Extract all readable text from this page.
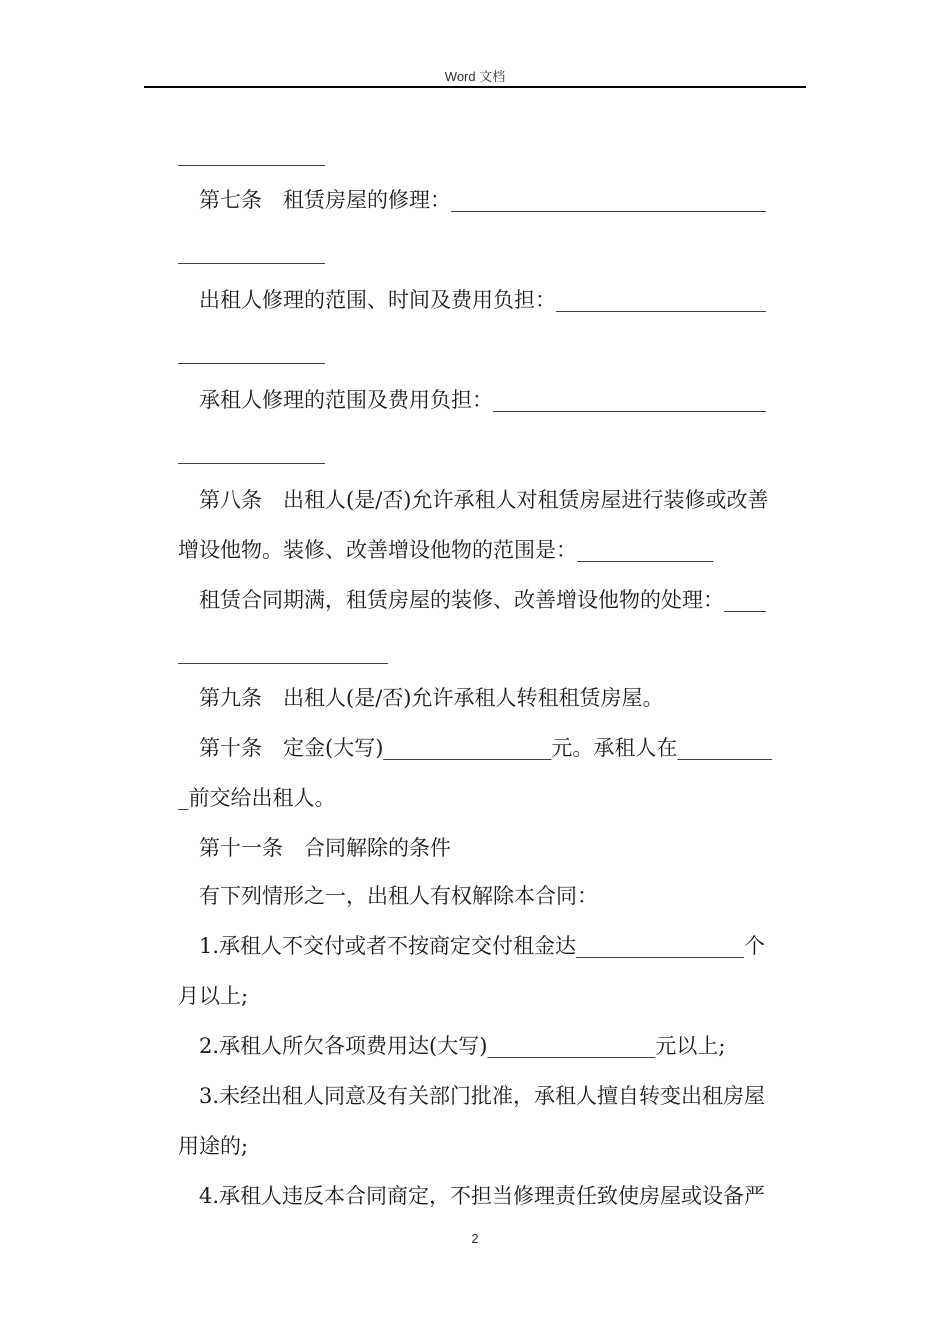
Word 文档
______________
第七条　租赁房屋的修理：______________________________
______________
出租人修理的范围、时间及费用负担：____________________
______________
承租人修理的范围及费用负担：__________________________
______________
第八条　出租人(是/否)允许承租人对租赁房屋进行装修或改善
增设他物。装修、改善增设他物的范围是：_____________
租赁合同期满，租赁房屋的装修、改善增设他物的处理：____
____________________
第九条　出租人(是/否)允许承租人转租租赁房屋。
第十条　定金(大写)________________元。承租人在_________
_前交给出租人。
第十一条　合同解除的条件
有下列情形之一，出租人有权解除本合同：
1.承租人不交付或者不按商定交付租金达________________个
月以上;
2.承租人所欠各项费用达(大写)________________元以上;
3.未经出租人同意及有关部门批准，承租人擅自转变出租房屋
用途的;
4.承租人违反本合同商定，不担当修理责任致使房屋或设备严
2
